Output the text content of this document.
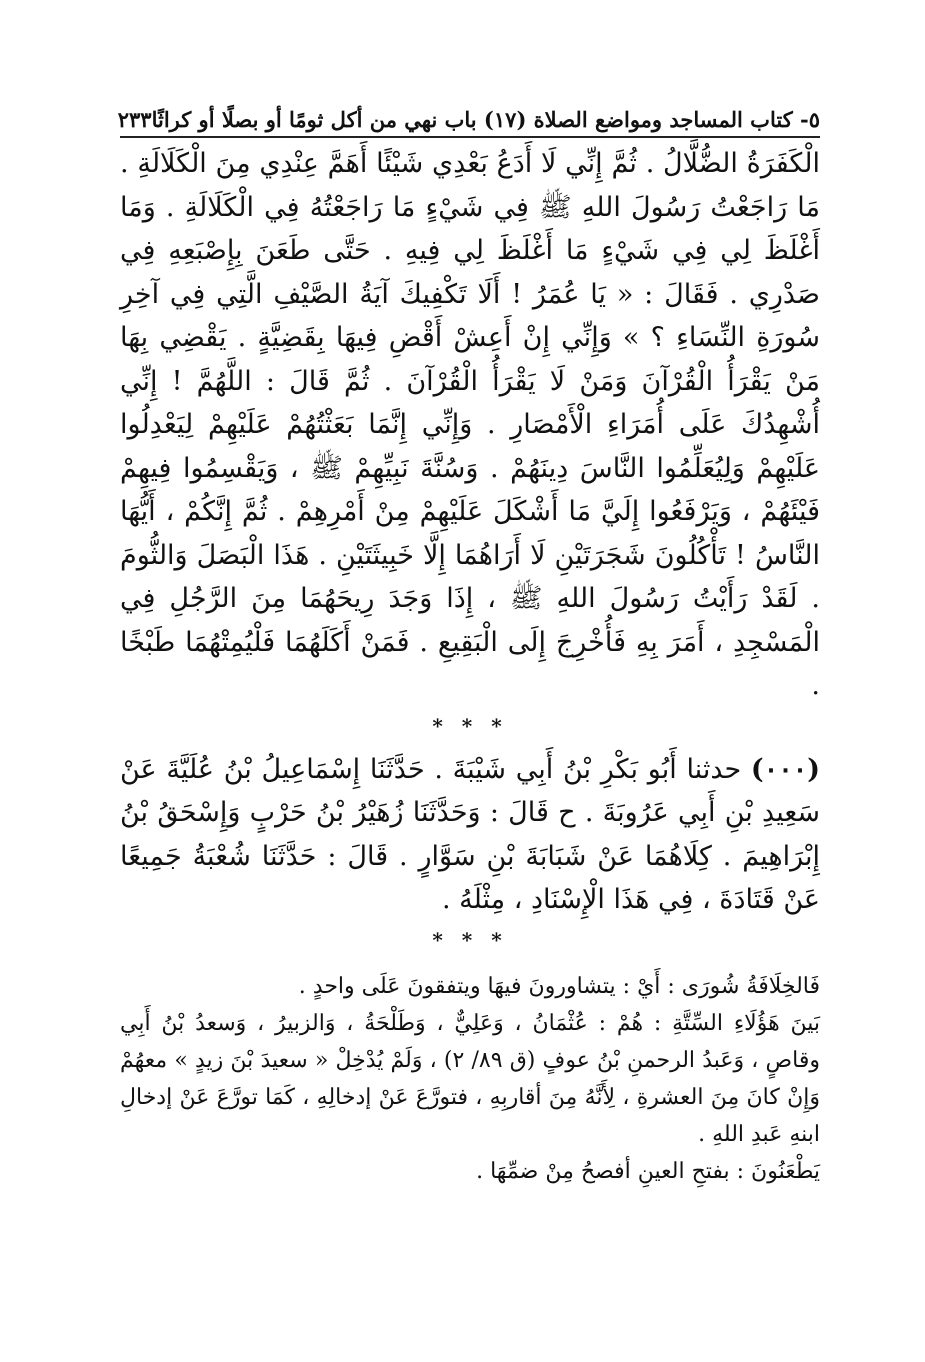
٥- كتاب المساجد ومواضع الصلاة (١٧) باب نهي من أكل ثومًا أو بصلًا أو كراثًا
٢٣٣

الْكَفَرَةُ الضُّلَّالُ . ثُمَّ إِنِّي لَا أَدَعُ بَعْدِي شَيْئًا أَهَمَّ عِنْدِي مِنَ الْكَلَالَةِ . مَا رَاجَعْتُ رَسُولَ اللهِ ﷺ فِي شَيْءٍ مَا رَاجَعْتُهُ فِي الْكَلَالَةِ . وَمَا أَغْلَظَ لِي فِي شَيْءٍ مَا أَغْلَظَ لِي فِيهِ . حَتَّى طَعَنَ بِإِصْبَعِهِ فِي صَدْرِي . فَقَالَ : « يَا عُمَرُ ! أَلَا تَكْفِيكَ آيَةُ الصَّيْفِ الَّتِي فِي آخِرِ سُورَةِ النِّسَاءِ ؟ » وَإِنِّي إِنْ أَعِشْ أَقْضِ فِيهَا بِقَضِيَّةٍ . يَقْضِي بِهَا مَنْ يَقْرَأُ الْقُرْآنَ وَمَنْ لَا يَقْرَأُ الْقُرْآنَ . ثُمَّ قَالَ : اللَّهُمَّ ! إِنِّي أُشْهِدُكَ عَلَى أُمَرَاءِ الْأَمْصَارِ . وَإِنِّي إِنَّمَا بَعَثْتُهُمْ عَلَيْهِمْ لِيَعْدِلُوا عَلَيْهِمْ وَلِيُعَلِّمُوا النَّاسَ دِينَهُمْ . وَسُنَّةَ نَبِيِّهِمْ ﷺ ، وَيَقْسِمُوا فِيهِمْ فَيْئَهُمْ ، وَيَرْفَعُوا إِلَيَّ مَا أَشْكَلَ عَلَيْهِمْ مِنْ أَمْرِهِمْ . ثُمَّ إِنَّكُمْ ، أَيُّهَا النَّاسُ ! تَأْكُلُونَ شَجَرَتَيْنِ لَا أَرَاهُمَا إِلَّا خَبِيثَتَيْنِ . هَذَا الْبَصَلَ وَالثُّومَ . لَقَدْ رَأَيْتُ رَسُولَ اللهِ ﷺ ، إِذَا وَجَدَ رِيحَهُمَا مِنَ الرَّجُلِ فِي الْمَسْجِدِ ، أَمَرَ بِهِ فَأُخْرِجَ إِلَى الْبَقِيعِ . فَمَنْ أَكَلَهُمَا فَلْيُمِتْهُمَا طَبْخًا .

* * *

(٠٠٠) حدثنا أَبُو بَكْرِ بْنُ أَبِي شَيْبَةَ . حَدَّثَنَا إِسْمَاعِيلُ بْنُ عُلَيَّةَ عَنْ سَعِيدِ بْنِ أَبِي عَرُوبَةَ . ح قَالَ : وَحَدَّثَنَا زُهَيْرُ بْنُ حَرْبٍ وَإِسْحَقُ بْنُ إِبْرَاهِيمَ . كِلَاهُمَا عَنْ شَبَابَةَ بْنِ سَوَّارٍ . قَالَ : حَدَّثَنَا شُعْبَةُ جَمِيعًا عَنْ قَتَادَةَ ، فِي هَذَا الْإِسْنَادِ ، مِثْلَهُ .

* * *

فَالخِلَافَةُ شُورَى : أَيْ : يتشاورونَ فيهَا ويتفقونَ عَلَى واحدٍ .

بَينَ هَؤُلَاءِ السِّتَّةِ : هُمْ : عُثْمَانُ ، وَعَلِيٌّ ، وَطَلْحَةُ ، وَالزبيرُ ، وَسعدُ بْنُ أَبِي وقاصٍ ، وَعَبدُ الرحمنِ بْنُ عوفٍ (ق ٨٩/ ٢) ، وَلَمْ يُدْخِلْ « سعيدَ بْنَ زيدٍ » معهُمْ وَإِنْ كانَ مِنَ العشرةِ ، لِأَنَّهُ مِنَ أقاربِهِ ، فتورَّعَ عَنْ إدخالِهِ ، كَمَا تورَّعَ عَنْ إدخالِ ابنهِ عَبدِ اللهِ .

يَطْعَنُونَ : بفتحِ العينِ أفصحُ مِنْ ضمِّهَا .
